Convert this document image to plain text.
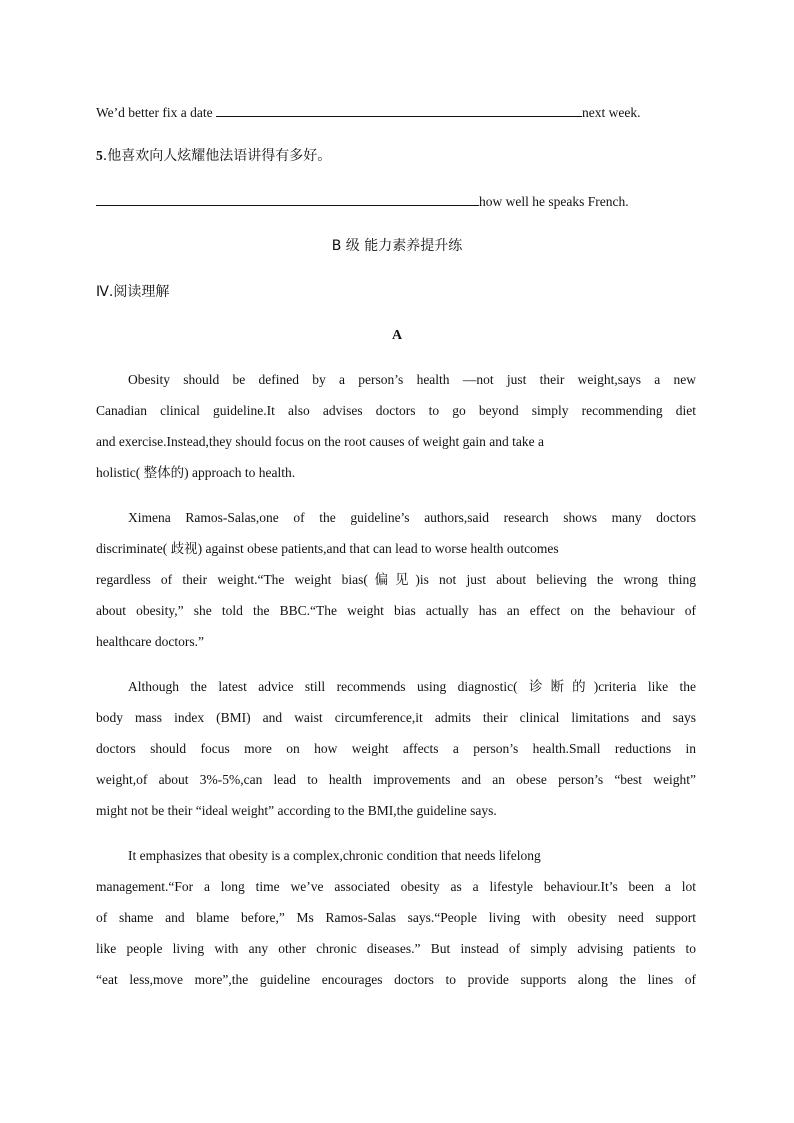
We’d better fix a date	next week.
5.他喜欢向人炫耀他法语讲得有多好。
how well he speaks French.
B 级 能力素养提升练
Ⅳ.阅读理解
A
Obesity should be defined by a person’s health —not just their weight,says a new
Canadian clinical guideline.It also advises doctors to go beyond simply recommending diet
and exercise.Instead,they should focus on the root causes of weight gain and take a
holistic( 整体的) approach to health.
Ximena Ramos-Salas,one of the guideline’s authors,said research shows many doctors
discriminate( 歧视) against obese patients,and that can lead to worse health outcomes
regardless of their weight.“The weight bias(偏见)is not just about believing the wrong thing
about obesity,” she told the BBC.“The weight bias actually has an effect on the behaviour of
healthcare doctors.”
Although the latest advice still recommends using diagnostic( 诊断的)criteria like the
body mass index (BMI) and waist circumference,it admits their clinical limitations and says
doctors should focus more on how weight affects a person’s health.Small reductions in
weight,of about 3%-5%,can lead to health improvements and an obese person’s “best weight”
might not be their “ideal weight” according to the BMI,the guideline says.
It emphasizes that obesity is a complex,chronic condition that needs lifelong
management.“For a long time we’ve associated obesity as a lifestyle behaviour.It’s been a lot
of shame and blame before,” Ms Ramos-Salas says.“People living with obesity need support
like people living with any other chronic diseases.” But instead of simply advising patients to
“eat less,move more”,the guideline encourages doctors to provide supports along the lines of
